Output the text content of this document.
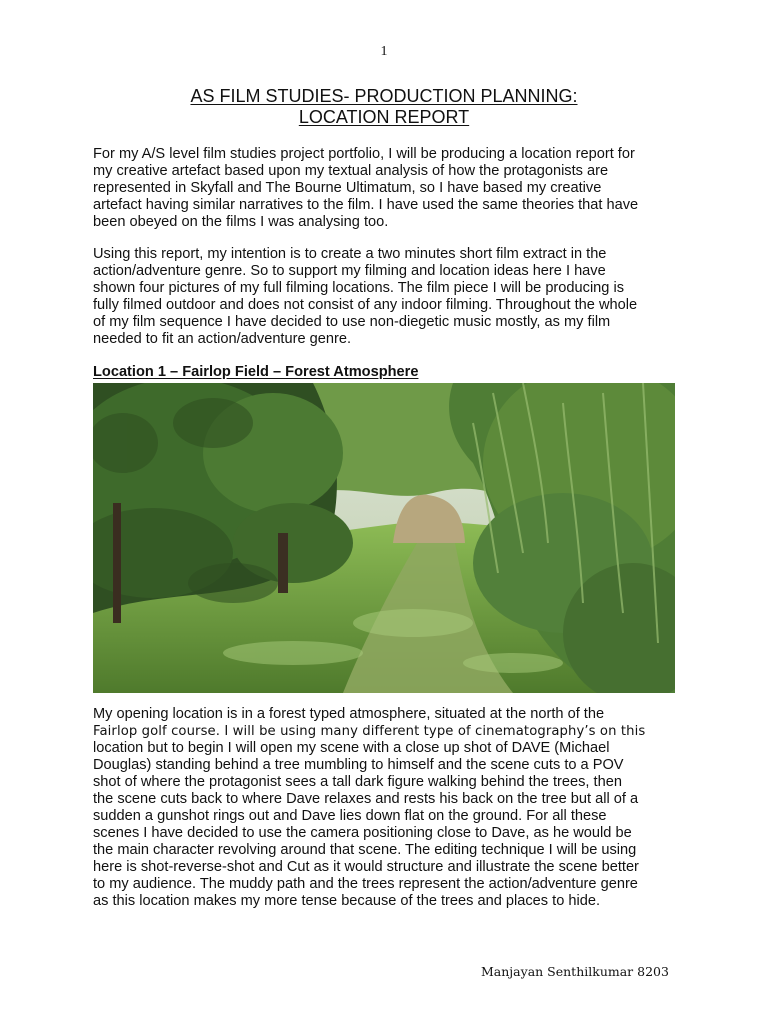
1
AS FILM STUDIES- PRODUCTION PLANNING:
LOCATION REPORT

For my A/S level film studies project portfolio, I will be producing a location report for
my creative artefact based upon my textual analysis of how the protagonists are
represented in Skyfall and The Bourne Ultimatum, so I have based my creative
artefact having similar narratives to the film. I have used the same theories that have
been obeyed on the films I was analysing too.

Using this report, my intention is to create a two minutes short film extract in the
action/adventure genre. So to support my filming and location ideas here I have
shown four pictures of my full filming locations. The film piece I will be producing is
fully filmed outdoor and does not consist of any indoor filming. Throughout the whole
of my film sequence I have decided to use non-diegetic music mostly, as my film
needed to fit an action/adventure genre.

Location 1 – Fairlop Field – Forest Atmosphere

My opening location is in a forest typed atmosphere, situated at the north of the
Fairlop golf course. I will be using many different type of cinematography’s on this
location but to begin I will open my scene with a close up shot of DAVE (Michael
Douglas) standing behind a tree mumbling to himself and the scene cuts to a POV
shot of where the protagonist sees a tall dark figure walking behind the trees, then
the scene cuts back to where Dave relaxes and rests his back on the tree but all of a
sudden a gunshot rings out and Dave lies down flat on the ground. For all these
scenes I have decided to use the camera positioning close to Dave, as he would be
the main character revolving around that scene. The editing technique I will be using
here is shot-reverse-shot and Cut as it would structure and illustrate the scene better
to my audience. The muddy path and the trees represent the action/adventure genre
as this location makes my more tense because of the trees and places to hide.

Manjayan Senthilkumar 8203
